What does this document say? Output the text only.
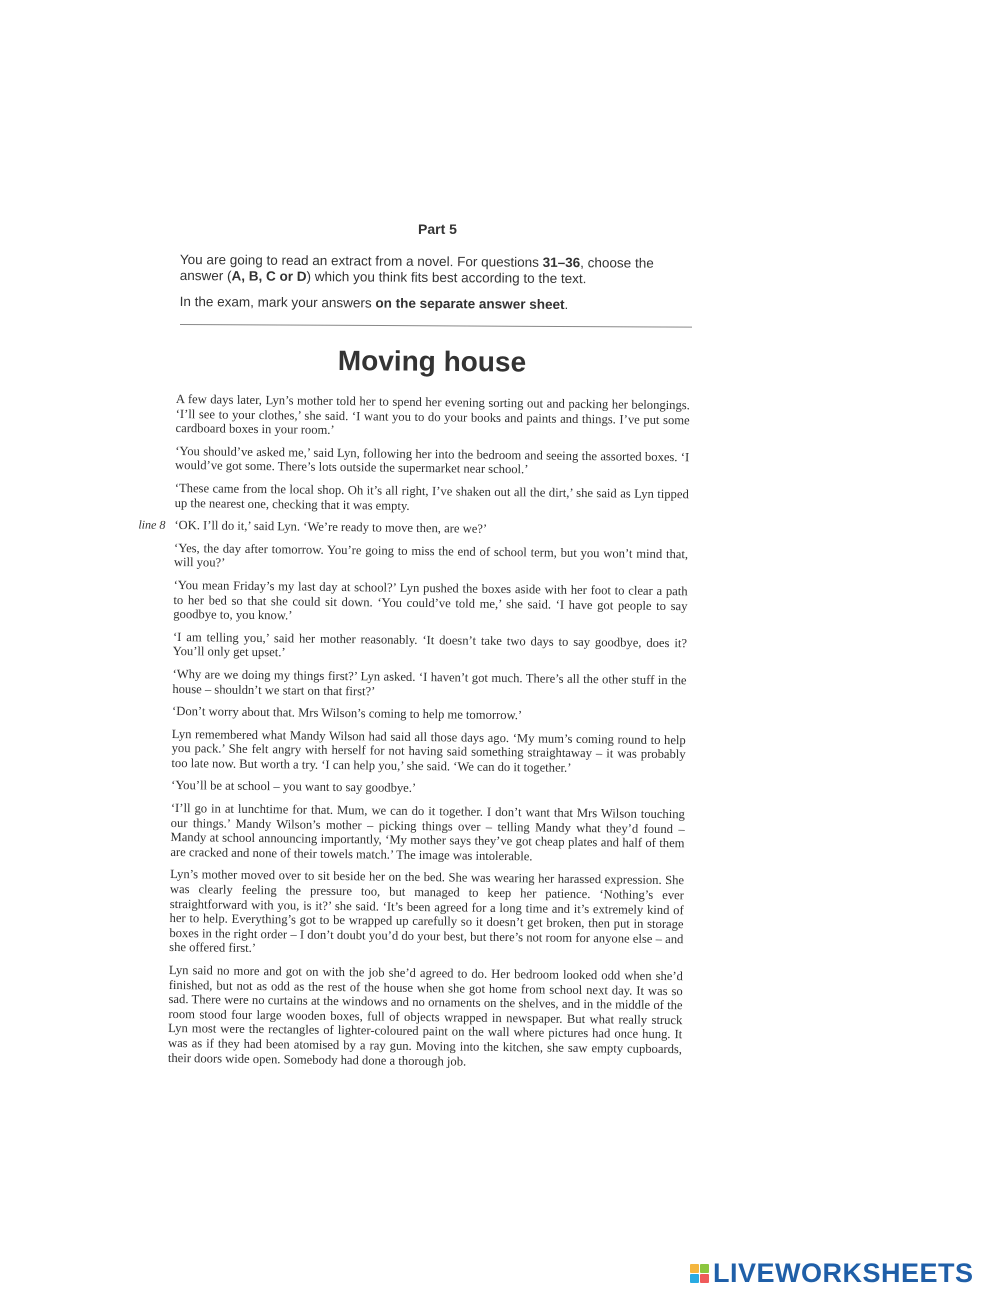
Part 5

You are going to read an extract from a novel. For questions 31–36, choose the answer (A, B, C or D) which you think fits best according to the text.

In the exam, mark your answers on the separate answer sheet.

Moving house

A few days later, Lyn’s mother told her to spend her evening sorting out and packing her belongings. ‘I’ll see to your clothes,’ she said. ‘I want you to do your books and paints and things. I’ve put some cardboard boxes in your room.’

‘You should’ve asked me,’ said Lyn, following her into the bedroom and seeing the assorted boxes. ‘I would’ve got some. There’s lots outside the supermarket near school.’

‘These came from the local shop. Oh it’s all right, I’ve shaken out all the dirt,’ she said as Lyn tipped up the nearest one, checking that it was empty.

line 8 ‘OK. I’ll do it,’ said Lyn. ‘We’re ready to move then, are we?’

‘Yes, the day after tomorrow. You’re going to miss the end of school term, but you won’t mind that, will you?’

‘You mean Friday’s my last day at school?’ Lyn pushed the boxes aside with her foot to clear a path to her bed so that she could sit down. ‘You could’ve told me,’ she said. ‘I have got people to say goodbye to, you know.’

‘I am telling you,’ said her mother reasonably. ‘It doesn’t take two days to say goodbye, does it? You’ll only get upset.’

‘Why are we doing my things first?’ Lyn asked. ‘I haven’t got much. There’s all the other stuff in the house – shouldn’t we start on that first?’

‘Don’t worry about that. Mrs Wilson’s coming to help me tomorrow.’

Lyn remembered what Mandy Wilson had said all those days ago. ‘My mum’s coming round to help you pack.’ She felt angry with herself for not having said something straightaway – it was probably too late now. But worth a try. ‘I can help you,’ she said. ‘We can do it together.’

‘You’ll be at school – you want to say goodbye.’

‘I’ll go in at lunchtime for that. Mum, we can do it together. I don’t want that Mrs Wilson touching our things.’ Mandy Wilson’s mother – picking things over – telling Mandy what they’d found – Mandy at school announcing importantly, ‘My mother says they’ve got cheap plates and half of them are cracked and none of their towels match.’ The image was intolerable.

Lyn’s mother moved over to sit beside her on the bed. She was wearing her harassed expression. She was clearly feeling the pressure too, but managed to keep her patience. ‘Nothing’s ever straightforward with you, is it?’ she said. ‘It’s been agreed for a long time and it’s extremely kind of her to help. Everything’s got to be wrapped up carefully so it doesn’t get broken, then put in storage boxes in the right order – I don’t doubt you’d do your best, but there’s not room for anyone else – and she offered first.’

Lyn said no more and got on with the job she’d agreed to do. Her bedroom looked odd when she’d finished, but not as odd as the rest of the house when she got home from school next day. It was so sad. There were no curtains at the windows and no ornaments on the shelves, and in the middle of the room stood four large wooden boxes, full of objects wrapped in newspaper. But what really struck Lyn most were the rectangles of lighter-coloured paint on the wall where pictures had once hung. It was as if they had been atomised by a ray gun. Moving into the kitchen, she saw empty cupboards, their doors wide open. Somebody had done a thorough job.

LIVEWORKSHEETS
